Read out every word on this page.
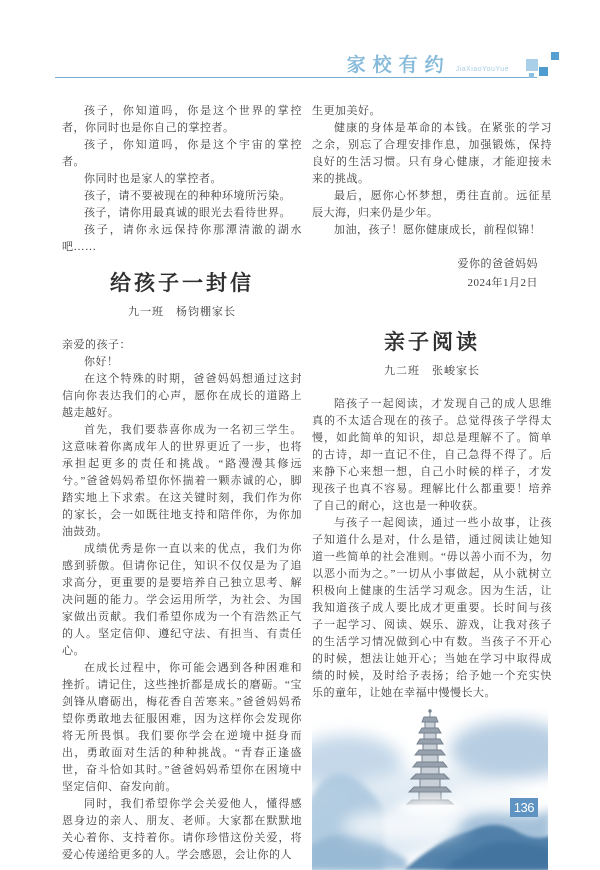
家校有约 JiaXiaoYouYue

孩子，你知道吗，你是这个世界的掌控者，你同时也是你自己的掌控者。

孩子，你知道吗，你是这个宇宙的掌控者。

你同时也是家人的掌控者。

孩子，请不要被现在的种种环境所污染。

孩子，请你用最真诚的眼光去看待世界。

孩子，请你永远保持你那潭清澈的湖水吧……

给孩子一封信
九一班　杨钧棚家长

亲爱的孩子：

你好！

在这个特殊的时期，爸爸妈妈想通过这封信向你表达我们的心声，愿你在成长的道路上越走越好。

首先，我们要恭喜你成为一名初三学生。这意味着你离成年人的世界更近了一步，也将承担起更多的责任和挑战。“路漫漫其修远兮。”爸爸妈妈希望你怀揣着一颗赤诚的心，脚踏实地上下求索。在这关键时刻，我们作为你的家长，会一如既往地支持和陪伴你，为你加油鼓劲。

成绩优秀是你一直以来的优点，我们为你感到骄傲。但请你记住，知识不仅仅是为了追求高分，更重要的是要培养自己独立思考、解决问题的能力。学会运用所学，为社会、为国家做出贡献。我们希望你成为一个有浩然正气的人。坚定信仰、遵纪守法、有担当、有责任心。

在成长过程中，你可能会遇到各种困难和挫折。请记住，这些挫折都是成长的磨砺。“宝剑锋从磨砺出，梅花香自苦寒来。”爸爸妈妈希望你勇敢地去征服困难，因为这样你会发现你将无所畏惧。我们要你学会在逆境中挺身而出，勇敢面对生活的种种挑战。“青春正逢盛世，奋斗恰如其时。”爸爸妈妈希望你在困境中坚定信仰、奋发向前。

同时，我们希望你学会关爱他人，懂得感恩身边的亲人、朋友、老师。大家都在默默地关心着你、支持着你。请你珍惜这份关爱，将爱心传递给更多的人。学会感恩，会让你的人

生更加美好。

健康的身体是革命的本钱。在紧张的学习之余，别忘了合理安排作息，加强锻炼，保持良好的生活习惯。只有身心健康，才能迎接未来的挑战。

最后，愿你心怀梦想，勇往直前。远征星辰大海，归来仍是少年。

加油，孩子！愿你健康成长，前程似锦！

爱你的爸爸妈妈

2024年1月2日

亲子阅读
九二班　张峻家长

陪孩子一起阅读，才发现自己的成人思维真的不太适合现在的孩子。总觉得孩子学得太慢，如此简单的知识，却总是理解不了。简单的古诗，却一直记不住，自己急得不得了。后来静下心来想一想，自己小时候的样子，才发现孩子也真不容易。理解比什么都重要！培养了自己的耐心，这也是一种收获。

与孩子一起阅读，通过一些小故事，让孩子知道什么是对，什么是错，通过阅读让她知道一些简单的社会准则。“毋以善小而不为，勿以恶小而为之。”一切从小事做起，从小就树立积极向上健康的生活学习观念。因为生活，让我知道孩子成人要比成才更重要。长时间与孩子一起学习、阅读、娱乐、游戏，让我对孩子的生活学习情况做到心中有数。当孩子不开心的时候，想法让她开心；当她在学习中取得成绩的时候，及时给予表扬；给予她一个充实快乐的童年，让她在幸福中慢慢长大。

136
